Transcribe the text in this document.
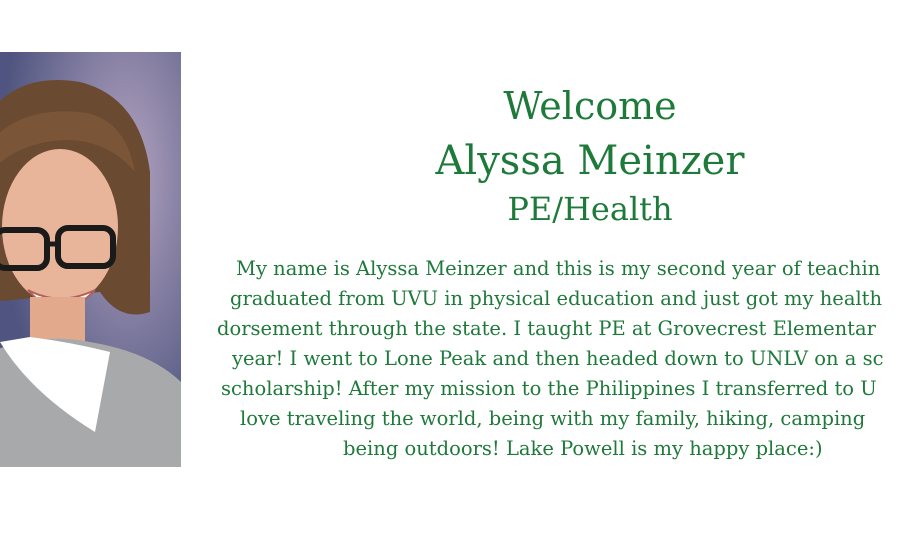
Welcome
Alyssa Meinzer
PE/Health
My name is Alyssa Meinzer and this is my second year of teachin
graduated from UVU in physical education and just got my health
dorsement through the state. I taught PE at Grovecrest Elementar
year! I went to Lone Peak and then headed down to UNLV on a sc
scholarship! After my mission to the Philippines I transferred to U
love traveling the world, being with my family, hiking, camping
being outdoors! Lake Powell is my happy place:)
